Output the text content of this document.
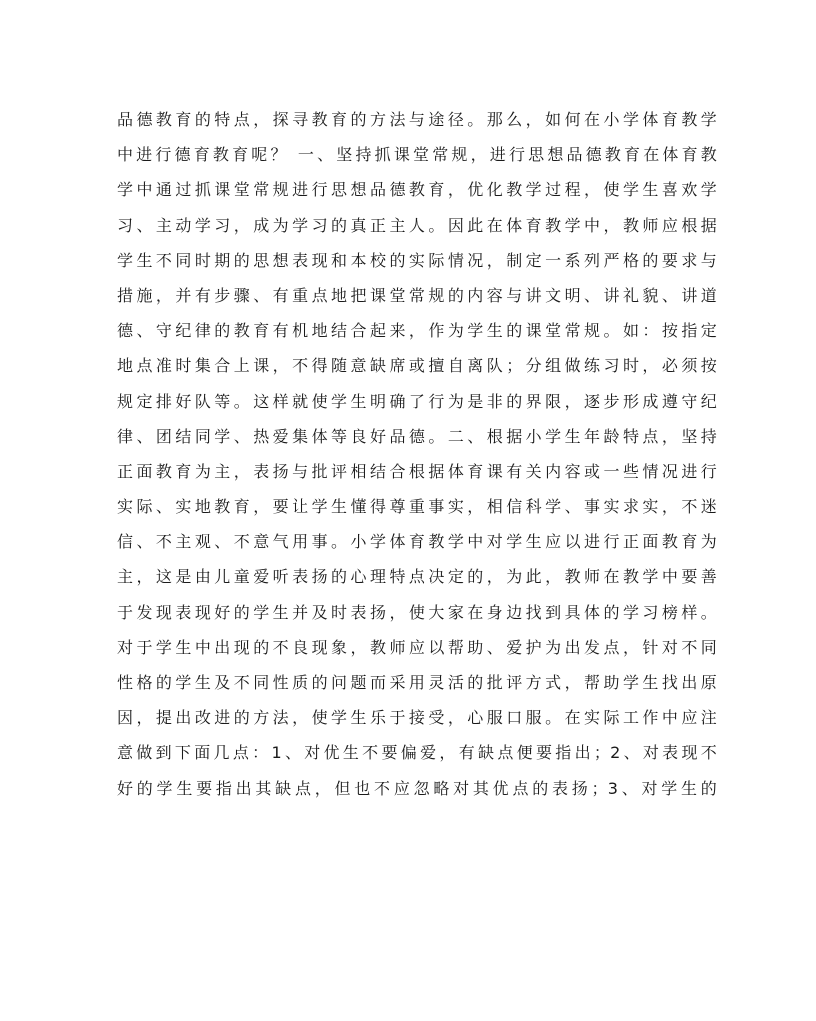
品德教育的特点，探寻教育的方法与途径。那么，如何在小学体育教学
中进行德育教育呢？ 一、坚持抓课堂常规，进行思想品德教育在体育教
学中通过抓课堂常规进行思想品德教育，优化教学过程，使学生喜欢学
习、主动学习，成为学习的真正主人。因此在体育教学中，教师应根据
学生不同时期的思想表现和本校的实际情况，制定一系列严格的要求与
措施，并有步骤、有重点地把课堂常规的内容与讲文明、讲礼貌、讲道
德、守纪律的教育有机地结合起来，作为学生的课堂常规。如：按指定
地点准时集合上课，不得随意缺席或擅自离队；分组做练习时，必须按
规定排好队等。这样就使学生明确了行为是非的界限，逐步形成遵守纪
律、团结同学、热爱集体等良好品德。二、根据小学生年龄特点，坚持
正面教育为主，表扬与批评相结合根据体育课有关内容或一些情况进行
实际、实地教育，要让学生懂得尊重事实，相信科学、事实求实，不迷
信、不主观、不意气用事。小学体育教学中对学生应以进行正面教育为
主，这是由儿童爱听表扬的心理特点决定的，为此，教师在教学中要善
于发现表现好的学生并及时表扬，使大家在身边找到具体的学习榜样。
对于学生中出现的不良现象，教师应以帮助、爱护为出发点，针对不同
性格的学生及不同性质的问题而采用灵活的批评方式，帮助学生找出原
因，提出改进的方法，使学生乐于接受，心服口服。在实际工作中应注
意做到下面几点：1、对优生不要偏爱，有缺点便要指出；2、对表现不
好的学生要指出其缺点，但也不应忽略对其优点的表扬；3、对学生的
